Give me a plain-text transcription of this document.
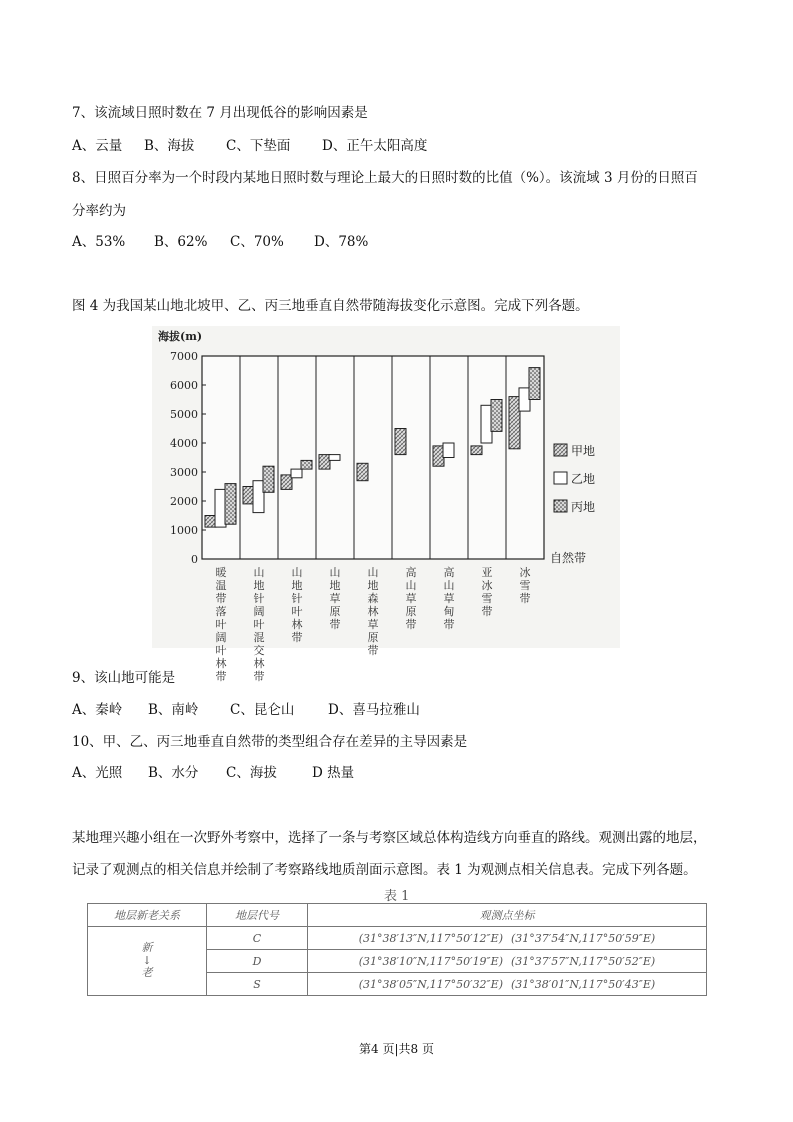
7、该流域日照时数在 7 月出现低谷的影响因素是
A、云量 B、海拔 C、下垫面 D、正午太阳高度
8、日照百分率为一个时段内某地日照时数与理论上最大的日照时数的比值（%）。该流域 3 月份的日照百
分率约为
A、53% B、62% C、70% D、78%
图 4 为我国某山地北坡甲、乙、丙三地垂直自然带随海拔变化示意图。完成下列各题。
海拔(m)
0
1000
2000
3000
4000
5000
6000
7000
暖温带落叶阔叶林带
山地针阔叶混交林带
山地针叶林带
山地草原带
山地森林草原带
高山草原带
高山草甸带
亚冰雪带
冰雪带
自然带
甲地
乙地
丙地
9、该山地可能是
A、秦岭 B、南岭 C、昆仑山 D、喜马拉雅山
10、甲、乙、丙三地垂直自然带的类型组合存在差异的主导因素是
A、光照 B、水分 C、海拔	D 热量
某地理兴趣小组在一次野外考察中，选择了一条与考察区域总体构造线方向垂直的路线。观测出露的地层，
记录了观测点的相关信息并绘制了考察路线地质剖面示意图。表 1 为观测点相关信息表。完成下列各题。
表 1
地层新老关系	地层代号	观测点坐标	

新
↓
老	C	(31°38′13″N,117°50′12″E)	(31°37′54″N,117°50′59″E)
	D	(31°38′10″N,117°50′19″E)	(31°37′57″N,117°50′52″E)
	S	(31°38′05″N,117°50′32″E)	(31°38′01″N,117°50′43″E)
第4 页|共8 页
